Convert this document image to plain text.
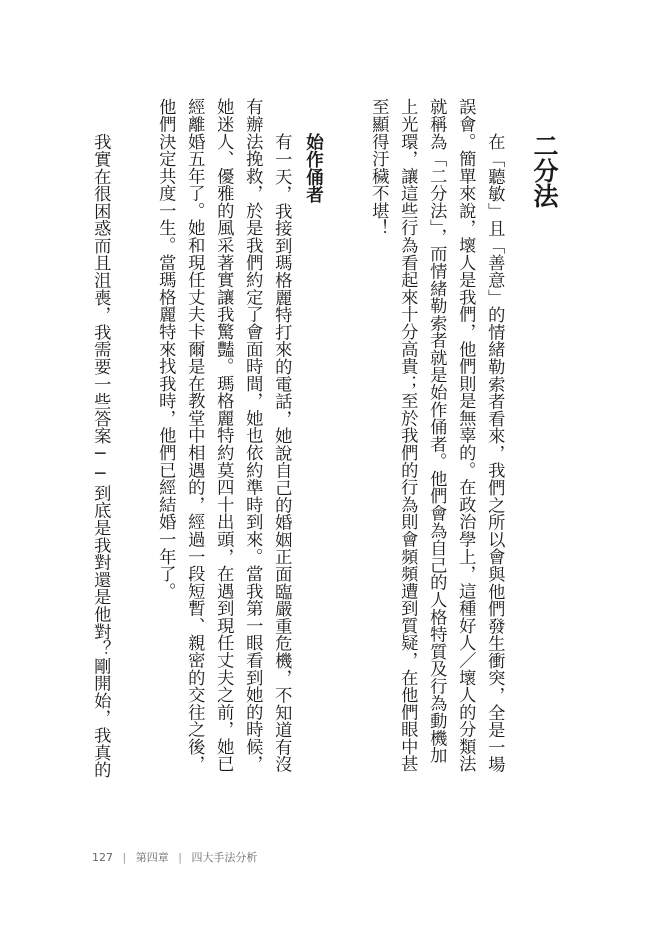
二分法
在「聽敏」且「善意」的情緒勒索者看來，我們之所以會與他們發生衝突，全是一場
誤會。簡單來說，壞人是我們，他們則是無辜的。在政治學上，這種好人／壞人的分類法
就稱為「二分法」，而情緒勒索者就是始作俑者。他們會為自己的人格特質及行為動機加
上光環，讓這些行為看起來十分高貴；至於我們的行為則會頻頻遭到質疑，在他們眼中甚
至顯得汙穢不堪！
始作俑者
有一天，我接到瑪格麗特打來的電話，她說自己的婚姻正面臨嚴重危機，不知道有沒
有辦法挽救，於是我們約定了會面時間，她也依約準時到來。當我第一眼看到她的時候，
她迷人、優雅的風采著實讓我驚豔。瑪格麗特約莫四十出頭，在遇到現任丈夫之前，她已
經離婚五年了。她和現任丈夫卡爾是在教堂中相遇的，經過一段短暫、親密的交往之後，
他們決定共度一生。當瑪格麗特來找我時，他們已經結婚一年了。
我實在很困惑而且沮喪，我需要一些答案──到底是我對還是他對？剛開始，我真的
127 | 第四章 | 四大手法分析
